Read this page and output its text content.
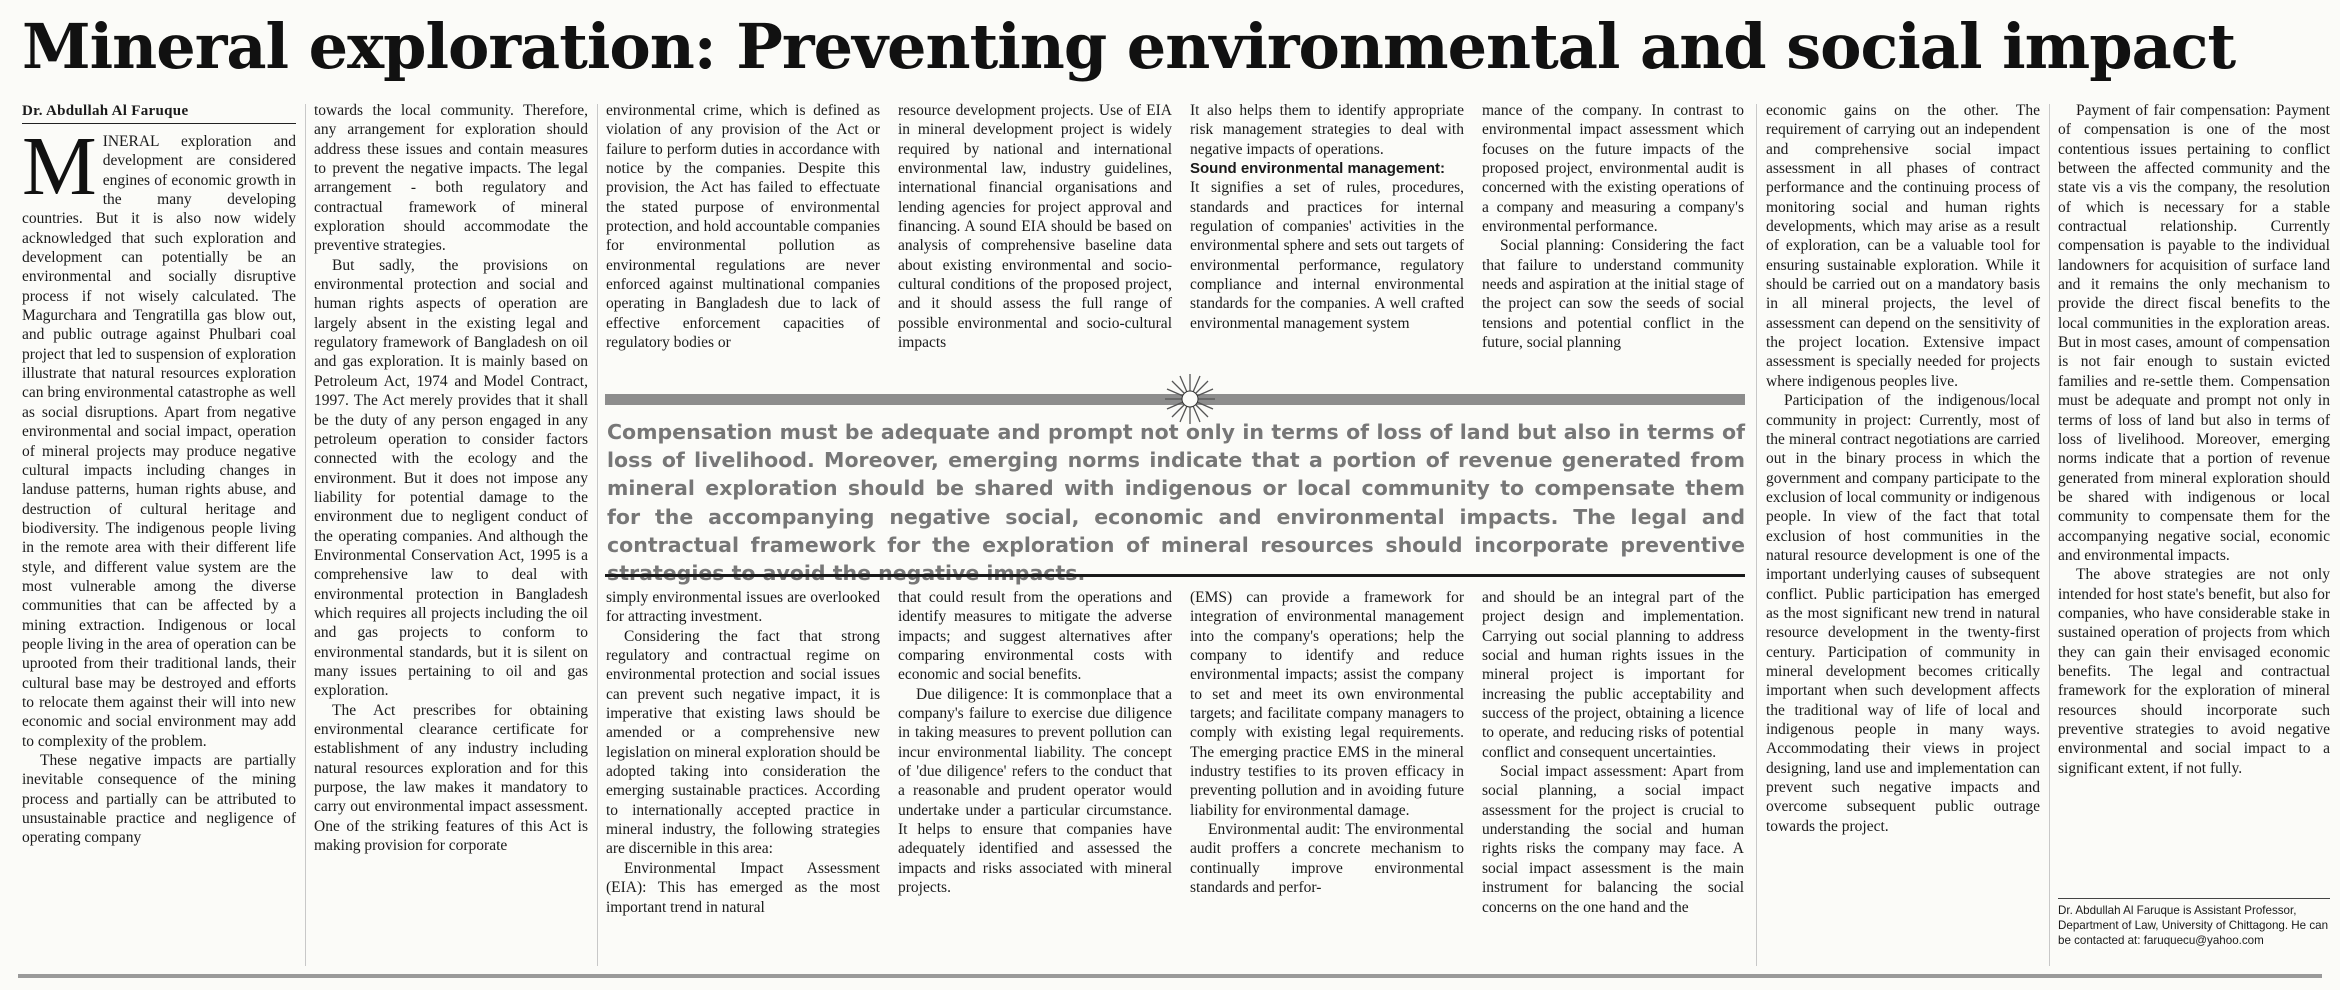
Mineral exploration: Preventing environmental and social impact
Dr. Abdullah Al Faruque

MINERAL exploration and development are considered engines of economic growth in the many developing countries. But it is also now widely acknowledged that such exploration and development can potentially be an environmental and socially disruptive process if not wisely calculated. The Magurchara and Tengratilla gas blow out, and public outrage against Phulbari coal project that led to suspension of exploration illustrate that natural resources exploration can bring environmental catastrophe as well as social disruptions. Apart from negative environmental and social impact, operation of mineral projects may produce negative cultural impacts including changes in landuse patterns, human rights abuse, and destruction of cultural heritage and biodiversity. The indigenous people living in the remote area with their different life style, and different value system are the most vulnerable among the diverse communities that can be affected by a mining extraction. Indigenous or local people living in the area of operation can be uprooted from their traditional lands, their cultural base may be destroyed and efforts to relocate them against their will into new economic and social environment may add to complexity of the problem.

These negative impacts are partially inevitable consequence of the mining process and partially can be attributed to unsustainable practice and negligence of operating company

towards the local community. Therefore, any arrangement for exploration should address these issues and contain measures to prevent the negative impacts. The legal arrangement - both regulatory and contractual framework of mineral exploration should accommodate the preventive strategies.

But sadly, the provisions on environmental protection and social and human rights aspects of operation are largely absent in the existing legal and regulatory framework of Bangladesh on oil and gas exploration. It is mainly based on Petroleum Act, 1974 and Model Contract, 1997. The Act merely provides that it shall be the duty of any person engaged in any petroleum operation to consider factors connected with the ecology and the environment. But it does not impose any liability for potential damage to the environment due to negligent conduct of the operating companies. And although the Environmental Conservation Act, 1995 is a comprehensive law to deal with environmental protection in Bangladesh which requires all projects including the oil and gas projects to conform to environmental standards, but it is silent on many issues pertaining to oil and gas exploration.

The Act prescribes for obtaining environmental clearance certificate for establishment of any industry including natural resources exploration and for this purpose, the law makes it mandatory to carry out environmental impact assessment. One of the striking features of this Act is making provision for corporate

environmental crime, which is defined as violation of any provision of the Act or failure to perform duties in accordance with notice by the companies. Despite this provision, the Act has failed to effectuate the stated purpose of environmental protection, and hold accountable companies for environmental pollution as environmental regulations are never enforced against multinational companies operating in Bangladesh due to lack of effective enforcement capacities of regulatory bodies or

resource development projects. Use of EIA in mineral development project is widely required by national and international environmental law, industry guidelines, international financial organisations and lending agencies for project approval and financing. A sound EIA should be based on analysis of comprehensive baseline data about existing environmental and socio-cultural conditions of the proposed project, and it should assess the full range of possible environmental and socio-cultural impacts

It also helps them to identify appropriate risk management strategies to deal with negative impacts of operations.

Sound environmental management:
It signifies a set of rules, procedures, standards and practices for internal regulation of companies' activities in the environmental sphere and sets out targets of environmental performance, regulatory compliance and internal environmental standards for the companies. A well crafted environmental management system

mance of the company. In contrast to environmental impact assessment which focuses on the future impacts of the proposed project, environmental audit is concerned with the existing operations of a company and measuring a company's environmental performance.

Social planning: Considering the fact that failure to understand community needs and aspiration at the initial stage of the project can sow the seeds of social tensions and potential conflict in the future, social planning

Compensation must be adequate and prompt not only in terms of loss of land but also in terms of loss of livelihood. Moreover, emerging norms indicate that a portion of revenue generated from mineral exploration should be shared with indigenous or local community to compensate them for the accompanying negative social, economic and environmental impacts. The legal and contractual framework for the exploration of mineral resources should incorporate preventive

simply environmental issues are overlooked for attracting investment.

Considering the fact that strong regulatory and contractual regime on environmental protection and social issues can prevent such negative impact, it is imperative that existing laws should be amended or a comprehensive new legislation on mineral exploration should be adopted taking into consideration the emerging sustainable practices. According to internationally accepted practice in mineral industry, the following strategies are discernible in this area:

Environmental Impact Assessment (EIA): This has emerged as the most important trend in natural

that could result from the operations and identify measures to mitigate the adverse impacts; and suggest alternatives after comparing environmental costs with economic and social benefits.

Due diligence: It is commonplace that a company's failure to exercise due diligence in taking measures to prevent pollution can incur environmental liability. The concept of 'due diligence' refers to the conduct that a reasonable and prudent operator would undertake under a particular circumstance. It helps to ensure that companies have adequately identified and assessed the impacts and risks associated with mineral projects.

(EMS) can provide a framework for integration of environmental management into the company's operations; help the company to identify and reduce environmental impacts; assist the company to set and meet its own environmental targets; and facilitate company managers to comply with existing legal requirements. The emerging practice EMS in the mineral industry testifies to its proven efficacy in preventing pollution and in avoiding future liability for environmental damage.

Environmental audit: The environmental audit proffers a concrete mechanism to continually improve environmental standards and perfor-

and should be an integral part of the project design and implementation. Carrying out social planning to address social and human rights issues in the mineral project is important for increasing the public acceptability and success of the project, obtaining a licence to operate, and reducing risks of potential conflict and consequent uncertainties.

Social impact assessment: Apart from social planning, a social impact assessment for the project is crucial to understanding the social and human rights risks the company may face. A social impact assessment is the main instrument for balancing the social concerns on the one hand and the

economic gains on the other. The requirement of carrying out an independent and comprehensive social impact assessment in all phases of contract performance and the continuing process of monitoring social and human rights developments, which may arise as a result of exploration, can be a valuable tool for ensuring sustainable exploration. While it should be carried out on a mandatory basis in all mineral projects, the level of assessment can depend on the sensitivity of the project location. Extensive impact assessment is specially needed for projects where indigenous peoples live.

Participation of the indigenous/local community in project: Currently, most of the mineral contract negotiations are carried out in the binary process in which the government and company participate to the exclusion of local community or indigenous people. In view of the fact that total exclusion of host communities in the natural resource development is one of the important underlying causes of subsequent conflict. Public participation has emerged as the most significant new trend in natural resource development in the twenty-first century. Participation of community in mineral development becomes critically important when such development affects the traditional way of life of local and indigenous people in many ways. Accommodating their views in project designing, land use and implementation can prevent such negative impacts and overcome subsequent public outrage towards the project.

Payment of fair compensation: Payment of compensation is one of the most contentious issues pertaining to conflict between the affected community and the state vis a vis the company, the resolution of which is necessary for a stable contractual relationship. Currently compensation is payable to the individual landowners for acquisition of surface land and it remains the only mechanism to provide the direct fiscal benefits to the local communities in the exploration areas. But in most cases, amount of compensation is not fair enough to sustain evicted families and re-settle them. Compensation must be adequate and prompt not only in terms of loss of land but also in terms of loss of livelihood. Moreover, emerging norms indicate that a portion of revenue generated from mineral exploration should be shared with indigenous or local community to compensate them for the accompanying negative social, economic and environmental impacts.

The above strategies are not only intended for host state's benefit, but also for companies, who have considerable stake in sustained operation of projects from which they can gain their envisaged economic benefits. The legal and contractual framework for the exploration of mineral resources should incorporate such preventive strategies to avoid negative environmental and social impact to a significant extent, if not fully.

Dr. Abdullah Al Faruque is Assistant Professor, Department of Law, University of Chittagong. He can be contacted at: faruquecu@yahoo.com
